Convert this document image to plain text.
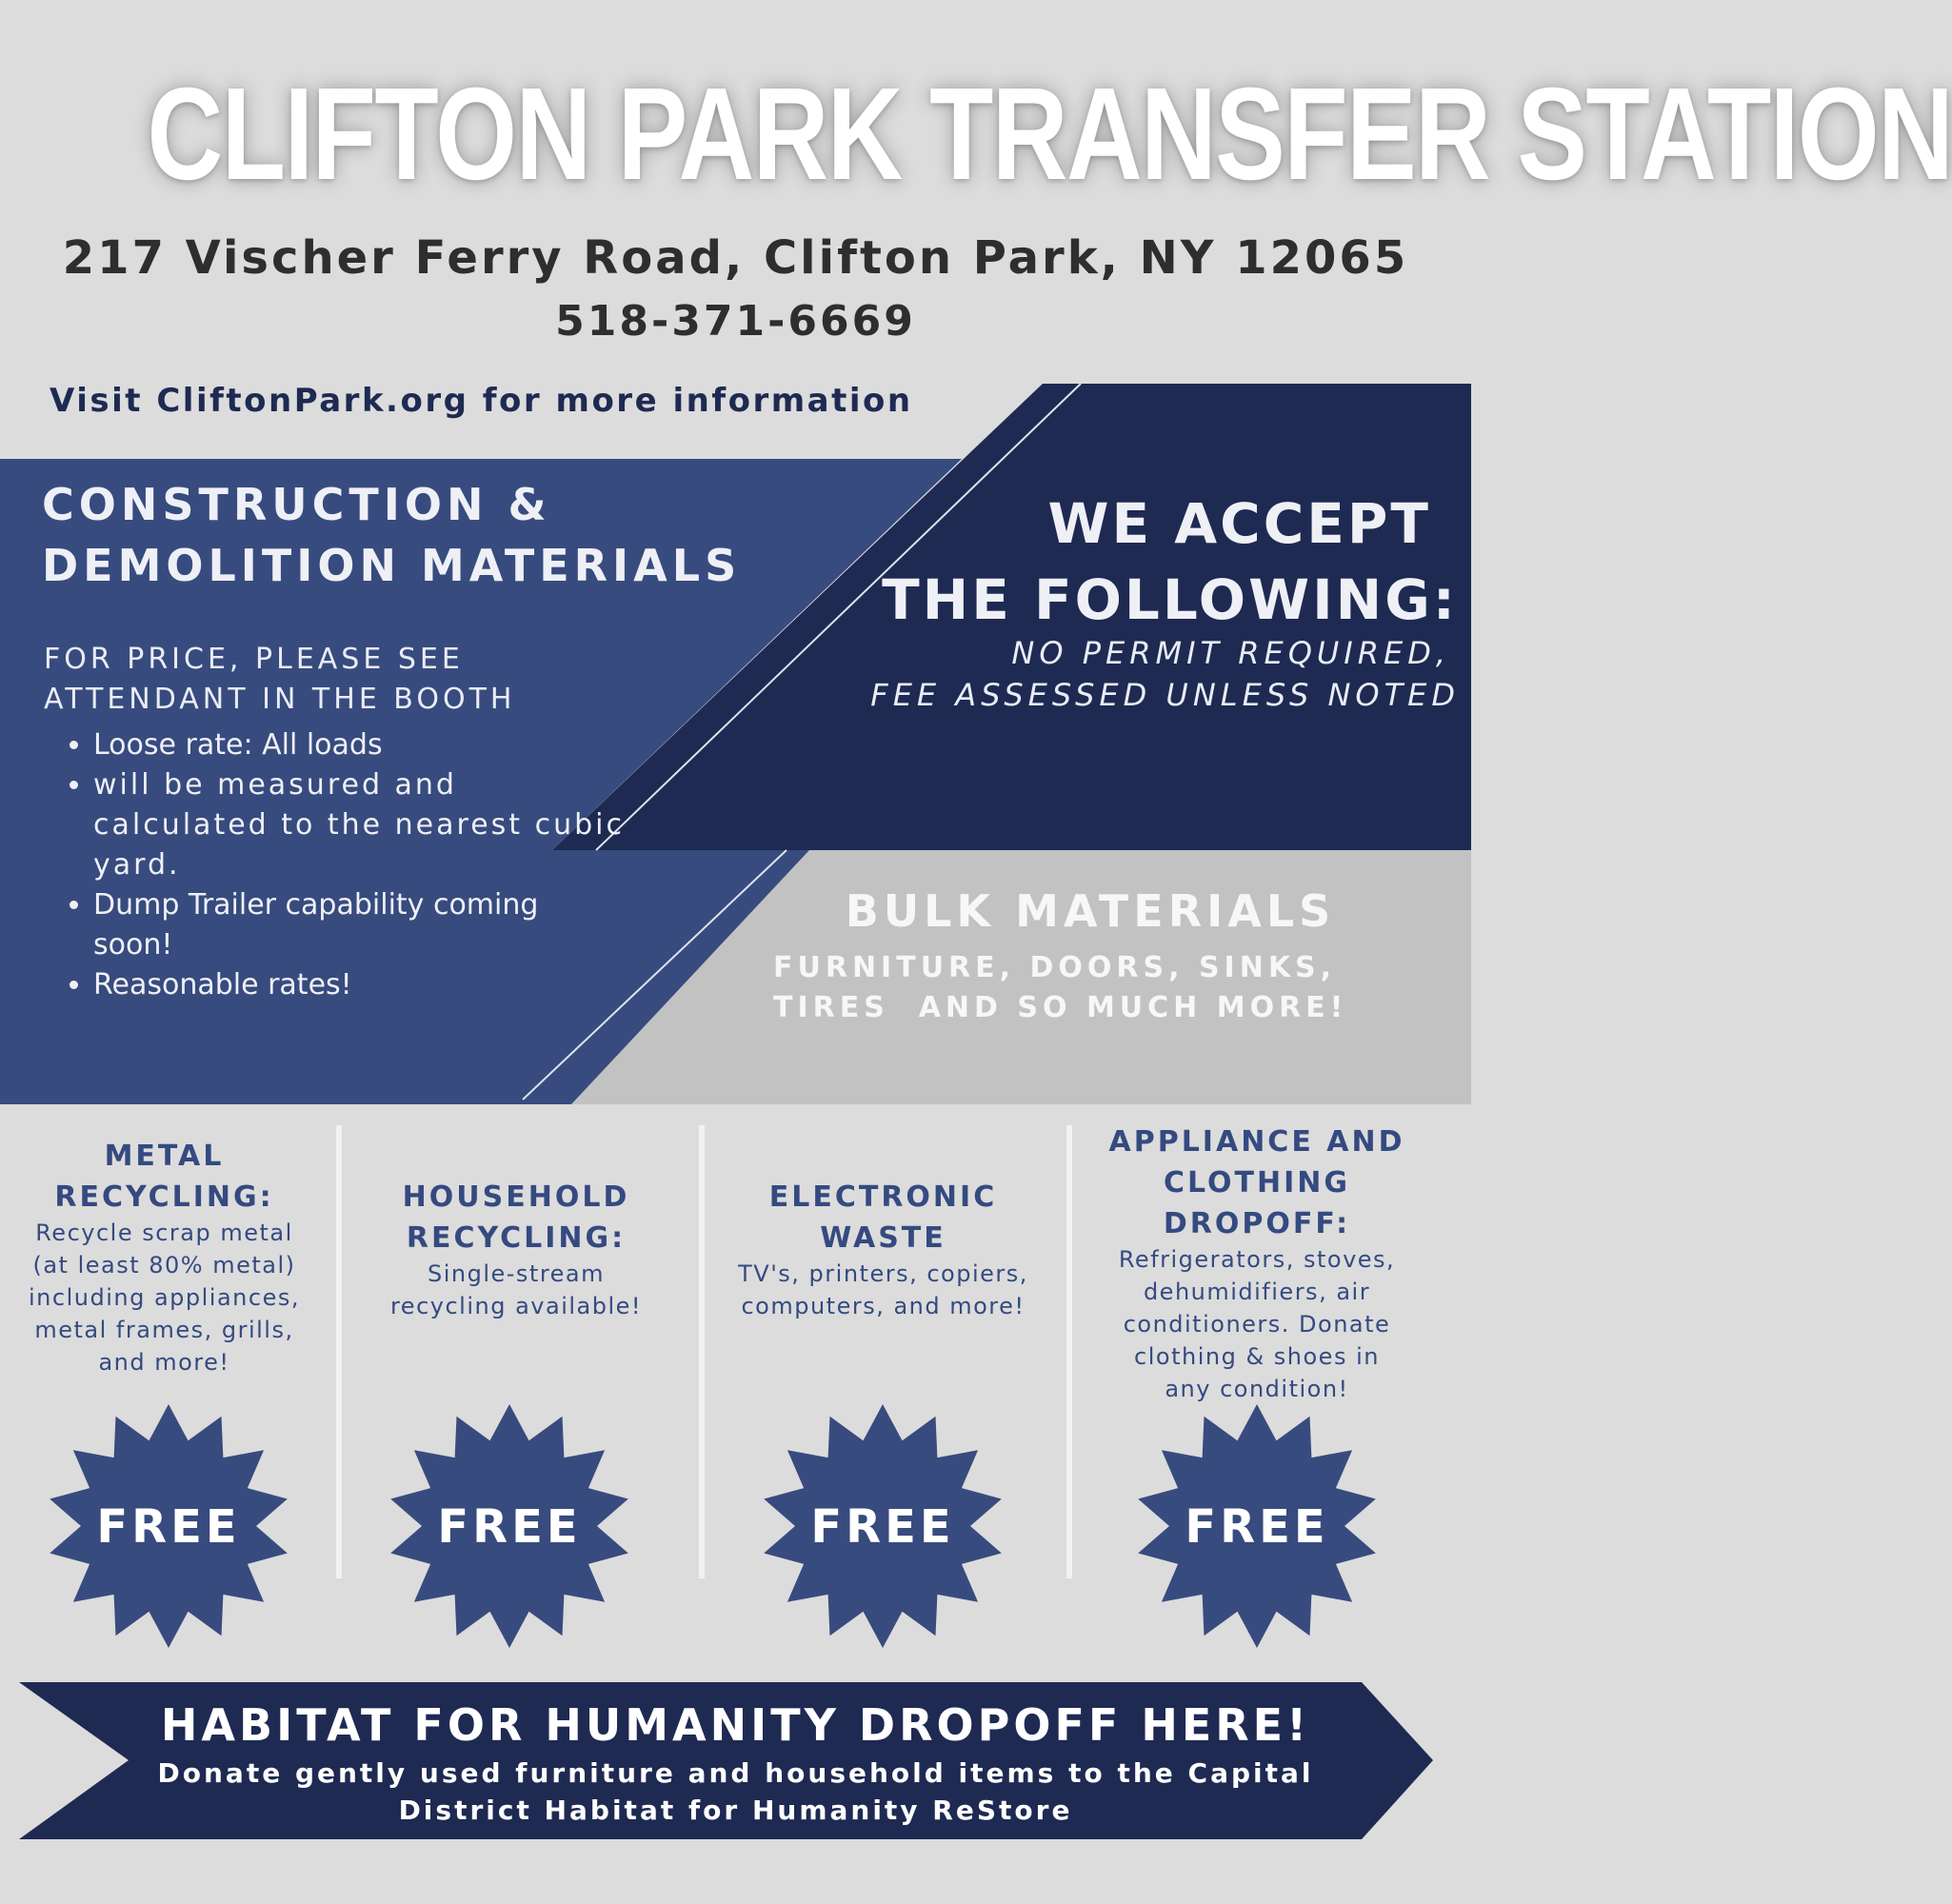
CLIFTON PARK TRANSFER STATION
217 Vischer Ferry Road, Clifton Park, NY 12065
518-371-6669
Visit CliftonPark.org for more information
CONSTRUCTION &
DEMOLITION MATERIALS
FOR PRICE, PLEASE SEE
ATTENDANT IN THE BOOTH
• Loose rate: All loads
• will be measured and calculated to the nearest cubic yard.
• Dump Trailer capability coming soon!
• Reasonable rates!
WE ACCEPT
THE FOLLOWING:
NO PERMIT REQUIRED,
FEE ASSESSED UNLESS NOTED
BULK MATERIALS
FURNITURE, DOORS, SINKS,
TIRES  AND SO MUCH MORE!
METAL
RECYCLING:
Recycle scrap metal
(at least 80% metal)
including appliances,
metal frames, grills,
and more!
HOUSEHOLD
RECYCLING:
Single-stream
recycling available!
ELECTRONIC
WASTE
TV's, printers, copiers,
computers, and more!
APPLIANCE AND
CLOTHING
DROPOFF:
Refrigerators, stoves,
dehumidifiers, air
conditioners. Donate
clothing & shoes in
any condition!
FREE	FREE	FREE	FREE
HABITAT FOR HUMANITY DROPOFF HERE!
Donate gently used furniture and household items to the Capital
District Habitat for Humanity ReStore
